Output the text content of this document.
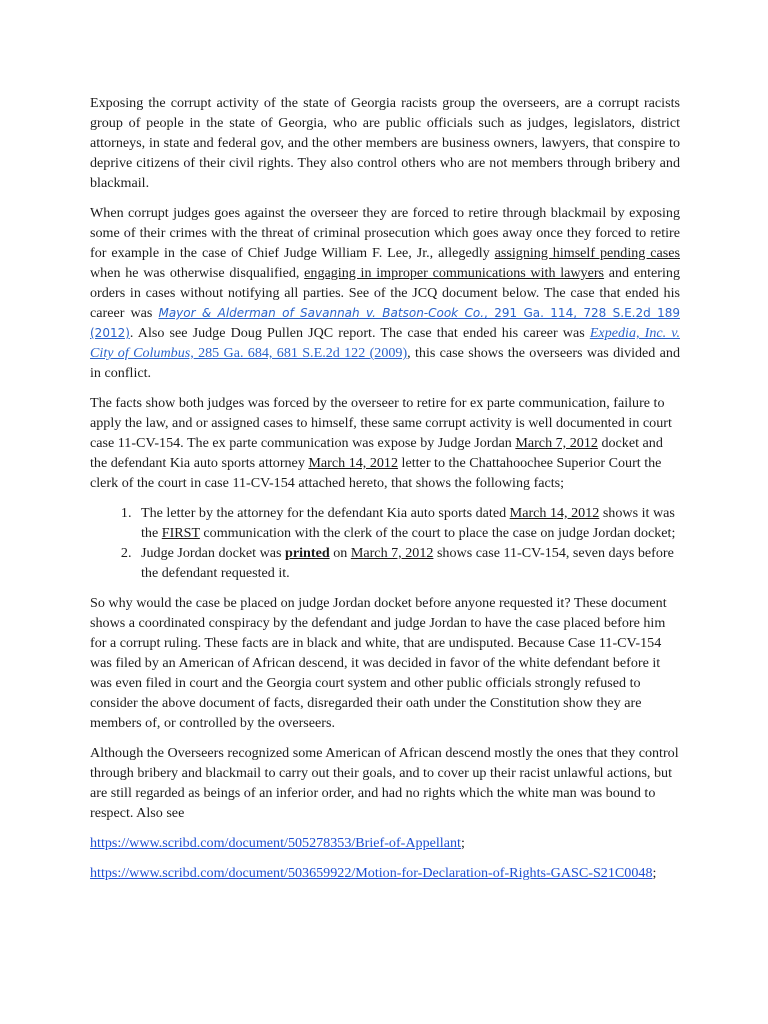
Exposing the corrupt activity of the state of Georgia racists group the overseers, are a corrupt racists group of people in the state of Georgia, who are public officials such as judges, legislators, district attorneys, in state and federal gov, and the other members are business owners, lawyers, that conspire to deprive citizens of their civil rights. They also control others who are not members through bribery and blackmail.

When corrupt judges goes against the overseer they are forced to retire through blackmail by exposing some of their crimes with the threat of criminal prosecution which goes away once they forced to retire for example in the case of Chief Judge William F. Lee, Jr., allegedly assigning himself pending cases when he was otherwise disqualified, engaging in improper communications with lawyers and entering orders in cases without notifying all parties. See of the JCQ document below. The case that ended his career was Mayor & Alderman of Savannah v. Batson-Cook Co., 291 Ga. 114, 728 S.E.2d 189 (2012). Also see Judge Doug Pullen JQC report. The case that ended his career was Expedia, Inc. v. City of Columbus, 285 Ga. 684, 681 S.E.2d 122 (2009), this case shows the overseers was divided and in conflict.

The facts show both judges was forced by the overseer to retire for ex parte communication, failure to apply the law, and or assigned cases to himself, these same corrupt activity is well documented in court case 11-CV-154. The ex parte communication was expose by Judge Jordan March 7, 2012 docket and the defendant Kia auto sports attorney March 14, 2012 letter to the Chattahoochee Superior Court the clerk of the court in case 11-CV-154 attached hereto, that shows the following facts;

1. The letter by the attorney for the defendant Kia auto sports dated March 14, 2012 shows it was the FIRST communication with the clerk of the court to place the case on judge Jordan docket;
2. Judge Jordan docket was printed on March 7, 2012 shows case 11-CV-154, seven days before the defendant requested it.

So why would the case be placed on judge Jordan docket before anyone requested it? These document shows a coordinated conspiracy by the defendant and judge Jordan to have the case placed before him for a corrupt ruling. These facts are in black and white, that are undisputed. Because Case 11-CV-154 was filed by an American of African descend, it was decided in favor of the white defendant before it was even filed in court and the Georgia court system and other public officials strongly refused to consider the above document of facts, disregarded their oath under the Constitution show they are members of, or controlled by the overseers.

Although the Overseers recognized some American of African descend mostly the ones that they control through bribery and blackmail to carry out their goals, and to cover up their racist unlawful actions, but are still regarded as beings of an inferior order, and had no rights which the white man was bound to respect. Also see

https://www.scribd.com/document/505278353/Brief-of-Appellant;

https://www.scribd.com/document/503659922/Motion-for-Declaration-of-Rights-GASC-S21C0048;
